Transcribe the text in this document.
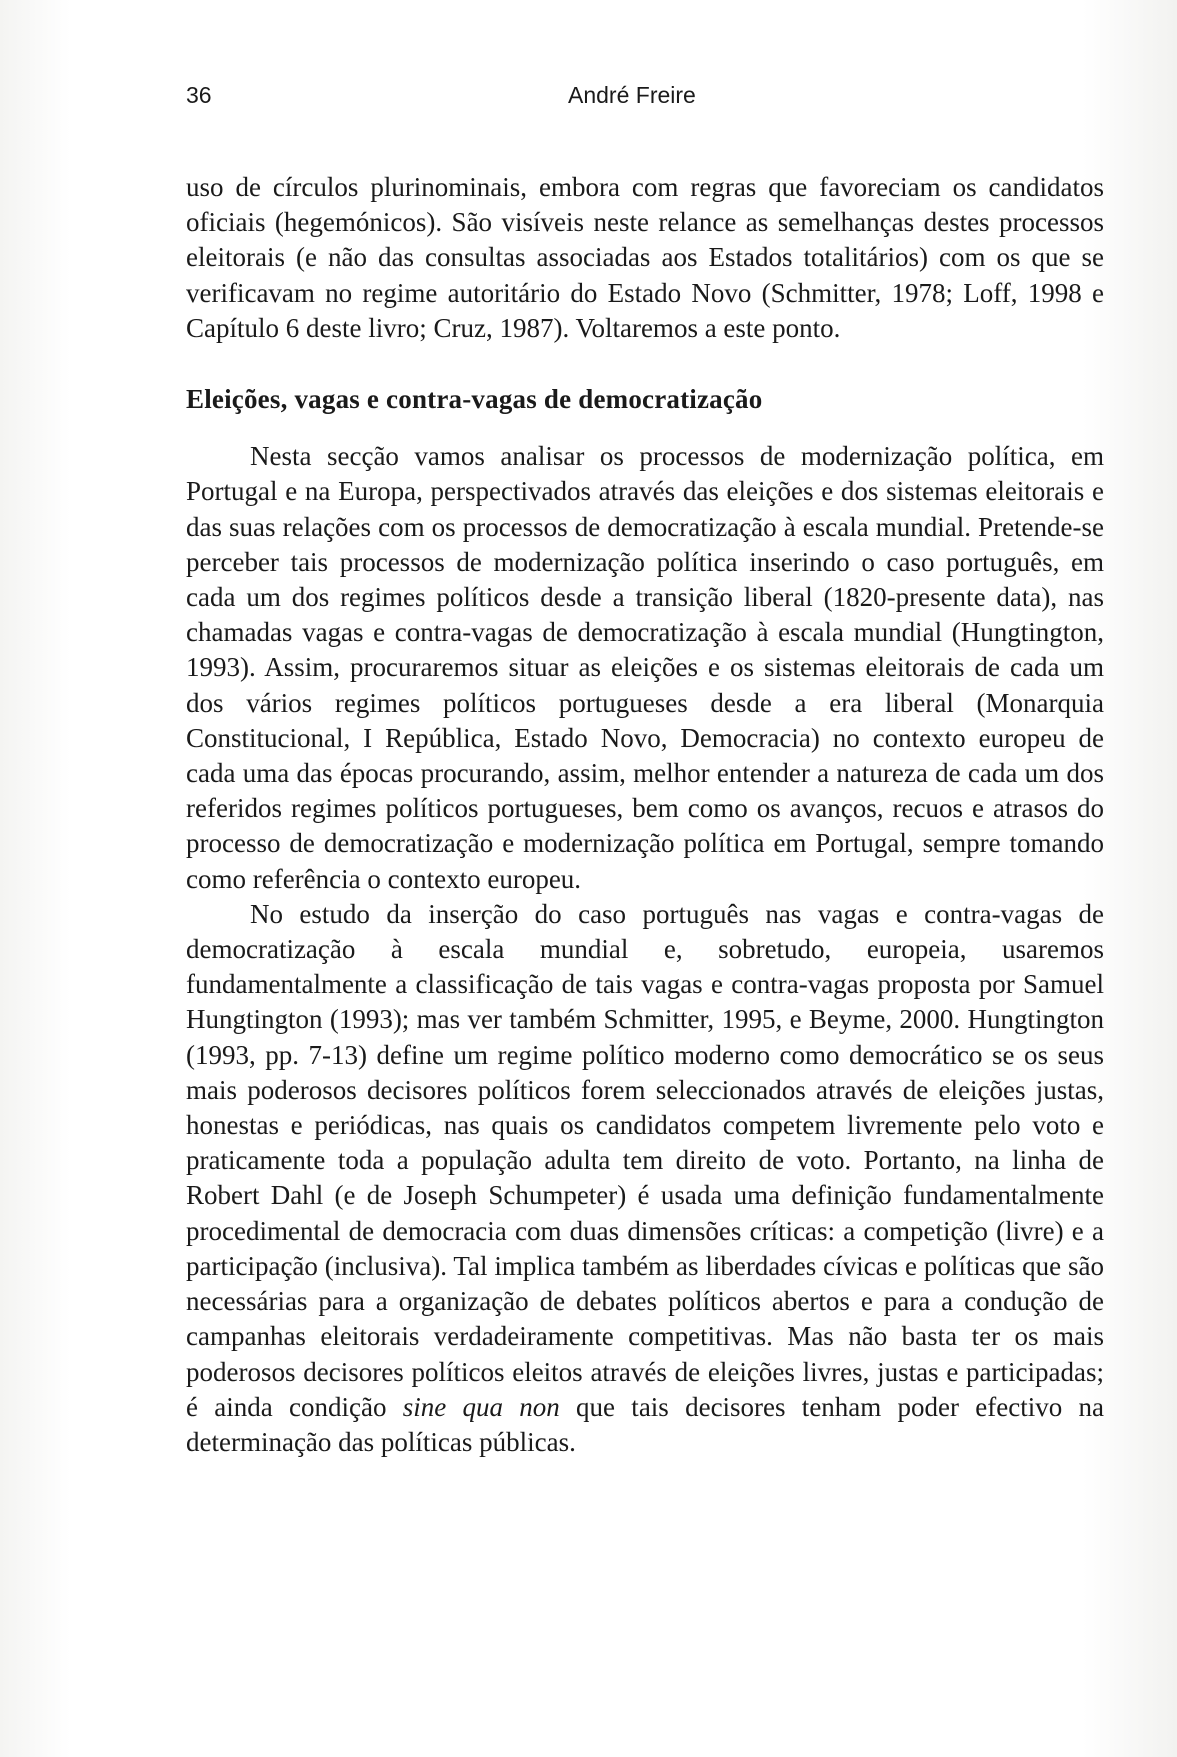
36	André Freire

uso de círculos plurinominais, embora com regras que favoreciam os candidatos oficiais (hegemónicos). São visíveis neste relance as semelhanças destes processos eleitorais (e não das consultas associadas aos Estados totalitários) com os que se verificavam no regime autoritário do Estado Novo (Schmitter, 1978; Loff, 1998 e Capítulo 6 deste livro; Cruz, 1987). Voltaremos a este ponto.

Eleições, vagas e contra-vagas de democratização

Nesta secção vamos analisar os processos de modernização política, em Portugal e na Europa, perspectivados através das eleições e dos sistemas eleitorais e das suas relações com os processos de democratização à escala mundial. Pretende-se perceber tais processos de modernização política inserindo o caso português, em cada um dos regimes políticos desde a transição liberal (1820-presente data), nas chamadas vagas e contra-vagas de democratização à escala mundial (Hungtington, 1993). Assim, procuraremos situar as eleições e os sistemas eleitorais de cada um dos vários regimes políticos portugueses desde a era liberal (Monarquia Constitucional, I República, Estado Novo, Democracia) no contexto europeu de cada uma das épocas procurando, assim, melhor entender a natureza de cada um dos referidos regimes políticos portugueses, bem como os avanços, recuos e atrasos do processo de democratização e modernização política em Portugal, sempre tomando como referência o contexto europeu.

No estudo da inserção do caso português nas vagas e contra-vagas de democratização à escala mundial e, sobretudo, europeia, usaremos fundamentalmente a classificação de tais vagas e contra-vagas proposta por Samuel Hungtington (1993); mas ver também Schmitter, 1995, e Beyme, 2000. Hungtington (1993, pp. 7-13) define um regime político moderno como democrático se os seus mais poderosos decisores políticos forem seleccionados através de eleições justas, honestas e periódicas, nas quais os candidatos competem livremente pelo voto e praticamente toda a população adulta tem direito de voto. Portanto, na linha de Robert Dahl (e de Joseph Schumpeter) é usada uma definição fundamentalmente procedimental de democracia com duas dimensões críticas: a competição (livre) e a participação (inclusiva). Tal implica também as liberdades cívicas e políticas que são necessárias para a organização de debates políticos abertos e para a condução de campanhas eleitorais verdadeiramente competitivas. Mas não basta ter os mais poderosos decisores políticos eleitos através de eleições livres, justas e participadas; é ainda condição sine qua non que tais decisores tenham poder efectivo na determinação das políticas públicas.
